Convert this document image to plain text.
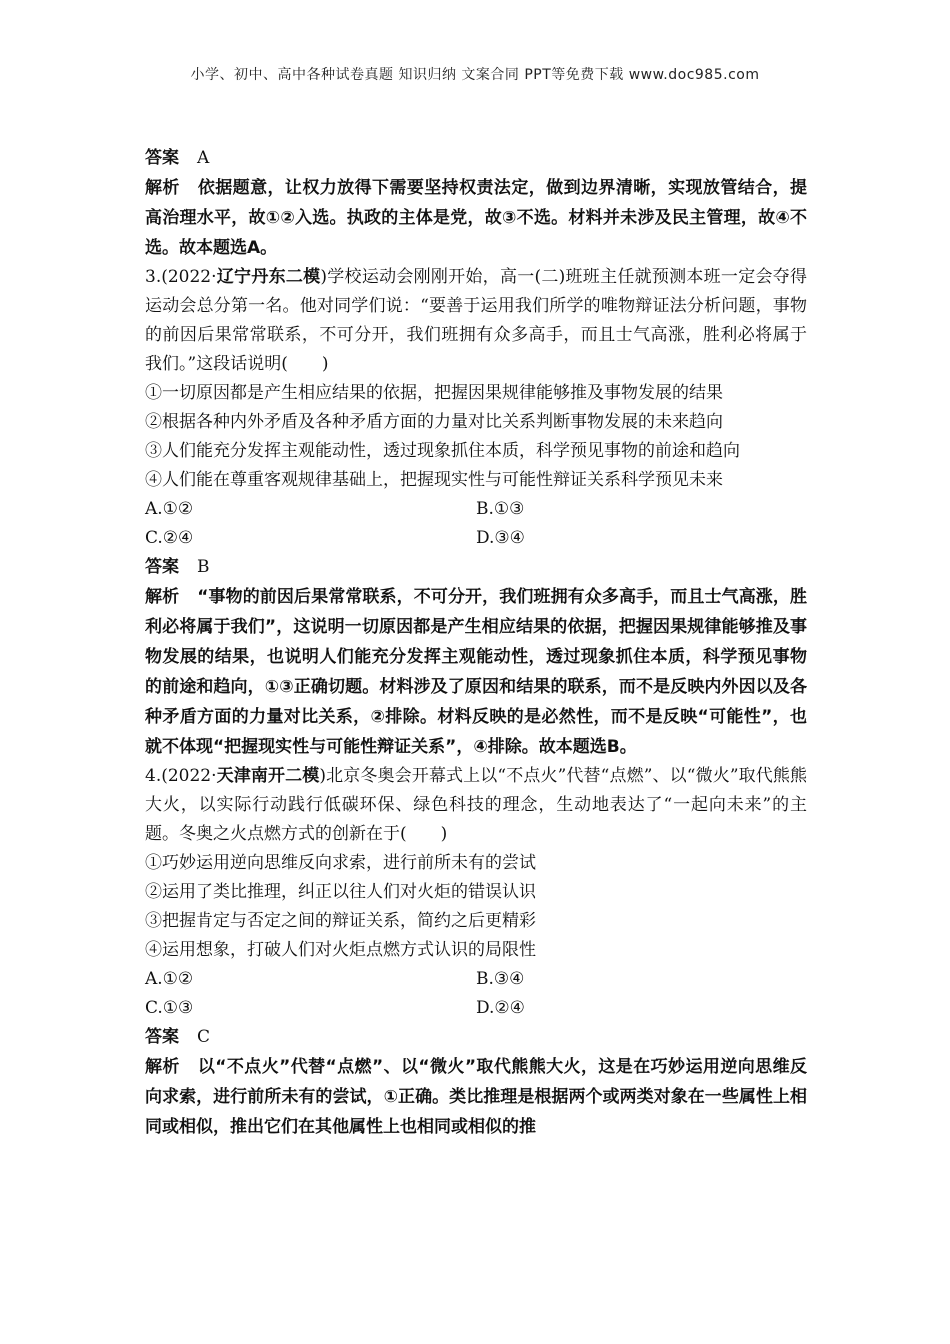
小学、初中、高中各种试卷真题 知识归纳 文案合同 PPT等免费下载 www.doc985.com

答案 A

解析 依据题意，让权力放得下需要坚持权责法定，做到边界清晰，实现放管结合，提高治理水平，故①②入选。执政的主体是党，故③不选。材料并未涉及民主管理，故④不选。故本题选A。

3.(2022·辽宁丹东二模)学校运动会刚刚开始，高一(二)班班主任就预测本班一定会夺得运动会总分第一名。他对同学们说：“要善于运用我们所学的唯物辩证法分析问题，事物的前因后果常常联系，不可分开，我们班拥有众多高手，而且士气高涨，胜利必将属于我们。”这段话说明(　　)

①一切原因都是产生相应结果的依据，把握因果规律能够推及事物发展的结果

②根据各种内外矛盾及各种矛盾方面的力量对比关系判断事物发展的未来趋向

③人们能充分发挥主观能动性，透过现象抓住本质，科学预见事物的前途和趋向

④人们能在尊重客观规律基础上，把握现实性与可能性辩证关系科学预见未来

A.①②	B.①③
C.②④	D.③④

答案 B

解析 “事物的前因后果常常联系，不可分开，我们班拥有众多高手，而且士气高涨，胜利必将属于我们”，这说明一切原因都是产生相应结果的依据，把握因果规律能够推及事物发展的结果，也说明人们能充分发挥主观能动性，透过现象抓住本质，科学预见事物的前途和趋向，①③正确切题。材料涉及了原因和结果的联系，而不是反映内外因以及各种矛盾方面的力量对比关系，②排除。材料反映的是必然性，而不是反映“可能性”，也就不体现“把握现实性与可能性辩证关系”，④排除。故本题选B。

4.(2022·天津南开二模)北京冬奥会开幕式上以“不点火”代替“点燃”、以“微火”取代熊熊大火，以实际行动践行低碳环保、绿色科技的理念，生动地表达了“一起向未来”的主题。冬奥之火点燃方式的创新在于(　　)

①巧妙运用逆向思维反向求索，进行前所未有的尝试

②运用了类比推理，纠正以往人们对火炬的错误认识

③把握肯定与否定之间的辩证关系，简约之后更精彩

④运用想象，打破人们对火炬点燃方式认识的局限性

A.①②	B.③④
C.①③	D.②④

答案 C

解析 以“不点火”代替“点燃”、以“微火”取代熊熊大火，这是在巧妙运用逆向思维反向求索，进行前所未有的尝试，①正确。类比推理是根据两个或两类对象在一些属性上相同或相似，推出它们在其他属性上也相同或相似的推
